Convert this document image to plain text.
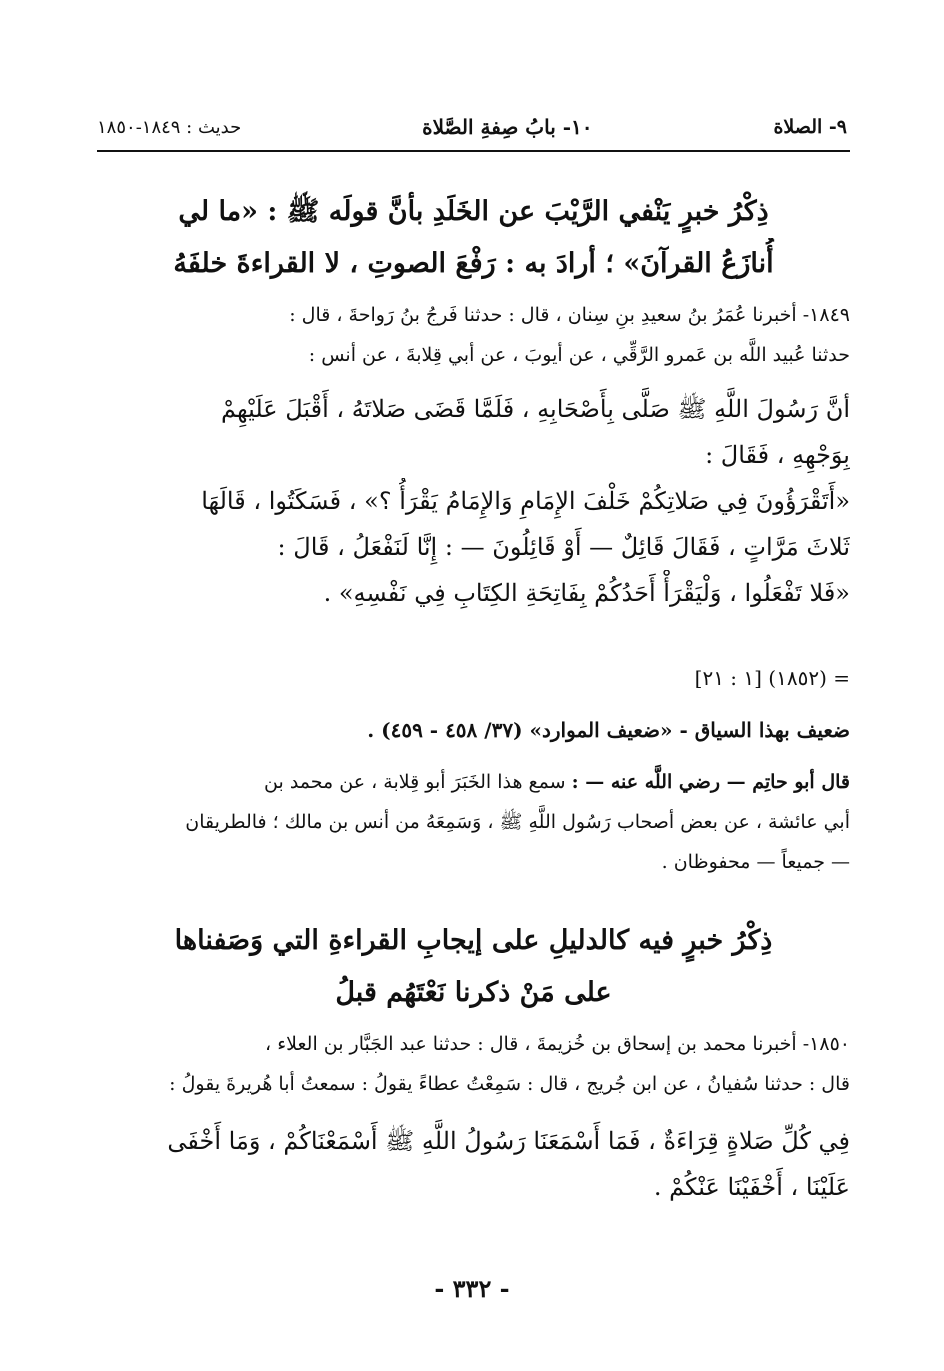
٩- الصلاة
١٠- بابُ صِفةِ الصَّلاة
حديث : ١٨٤٩-١٨٥٠
ذِكْرُ خبرٍ يَنْفي الرَّيْبَ عن الخَلَدِ بأنَّ قولَه ﷺ : «ما لي
أُنازَعُ القرآنَ» ؛ أرادَ به : رَفْعَ الصوتِ ، لا القراءةَ خلفَهُ
١٨٤٩- أخبرنا عُمَرُ بنُ سعيدِ بنِ سِنان ، قال : حدثنا فَرجُ بنُ رَواحةَ ، قال :
حدثنا عُبيد اللَّه بن عَمرو الرَّقِّي ، عن أيوبَ ، عن أبي قِلابةَ ، عن أنس :
أنَّ رَسُولَ اللَّهِ ﷺ صَلَّى بِأَصْحَابِهِ ، فَلَمَّا قَضَى صَلاتَهُ ، أَقْبَلَ عَلَيْهِمْ
بِوَجْهِهِ ، فَقَالَ :
«أَتَقْرَؤُونَ فِي صَلاتِكُمْ خَلْفَ الإِمَامِ وَالإِمَامُ يَقْرَأُ ؟» ، فَسَكَتُوا ، قَالَهَا
ثَلاثَ مَرَّاتٍ ، فَقَالَ قَائِلٌ — أَوْ قَائِلُونَ — : إِنَّا لَنَفْعَلُ ، قَالَ :
«فَلا تَفْعَلُوا ، وَلْيَقْرَأْ أَحَدُكُمْ بِفَاتِحَةِ الكِتَابِ فِي نَفْسِهِ» .
= (١٨٥٢) [١ : ٢١]
ضعيف بهذا السياق - «ضعيف الموارد» (٣٧/ ٤٥٨ - ٤٥٩) .
قال أبو حاتِم — رضي اللَّه عنه — : سمع هذا الخَبَرَ أبو قِلابة ، عن محمد بن
أبي عائشة ، عن بعض أصحاب رَسُول اللَّهِ ﷺ ، وَسَمِعَهُ من أنس بن مالك ؛ فالطريقان
— جميعاً — محفوظان .
ذِكْرُ خبرٍ فيه كالدليلِ على إيجابِ القراءةِ التي وَصَفناها
على مَنْ ذكرنا نَعْتَهُم قبلُ
١٨٥٠- أخبرنا محمد بن إسحاق بن خُزيمةَ ، قال : حدثنا عبد الجَبَّار بن العلاء ،
قال : حدثنا سُفيانُ ، عن ابن جُريج ، قال : سَمِعْتُ عطاءً يقولُ : سمعتُ أبا هُريرةَ يقولُ :
فِي كُلِّ صَلاةٍ قِرَاءَةٌ ، فَمَا أَسْمَعَنَا رَسُولُ اللَّهِ ﷺ أَسْمَعْنَاكُمْ ، وَمَا أَخْفَى
عَلَيْنَا ، أَخْفَيْنَا عَنْكُمْ .
- ٣٣٢ -
